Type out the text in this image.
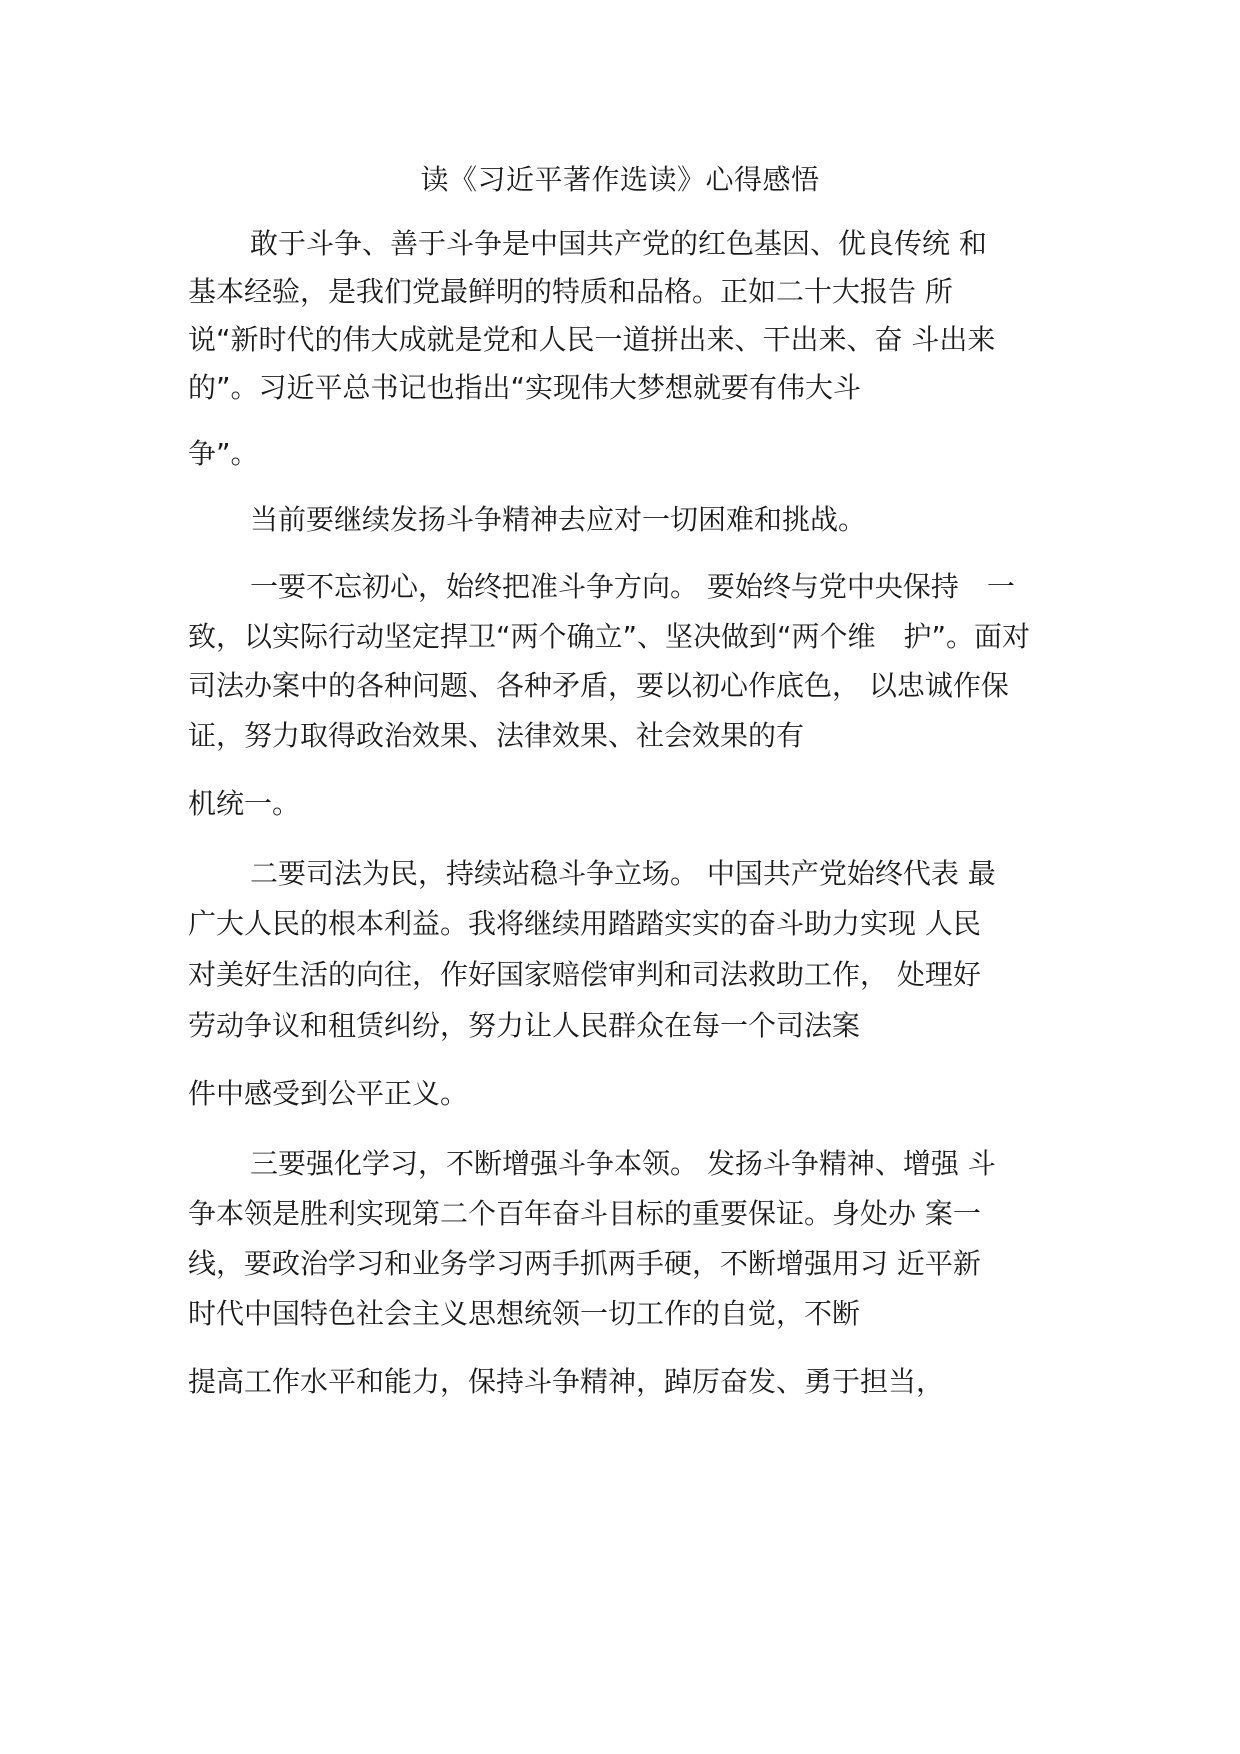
读《习近平著作选读》心得感悟
敢于斗争、善于斗争是中国共产党的红色基因、优良传统 和
基本经验，是我们党最鲜明的特质和品格。正如二十大报告 所
说“新时代的伟大成就是党和人民一道拼出来、干出来、奋 斗出来
的”。习近平总书记也指出“实现伟大梦想就要有伟大斗
争”。
当前要继续发扬斗争精神去应对一切困难和挑战。
一要不忘初心，始终把准斗争方向。 要始终与党中央保持　一
致，以实际行动坚定捍卫“两个确立”、坚决做到“两个维　护”。面对
司法办案中的各种问题、各种矛盾，要以初心作底色， 以忠诚作保
证，努力取得政治效果、法律效果、社会效果的有
机统一。
二要司法为民，持续站稳斗争立场。 中国共产党始终代表 最
广大人民的根本利益。我将继续用踏踏实实的奋斗助力实现 人民
对美好生活的向往，作好国家赔偿审判和司法救助工作， 处理好
劳动争议和租赁纠纷，努力让人民群众在每一个司法案
件中感受到公平正义。
三要强化学习，不断增强斗争本领。 发扬斗争精神、增强 斗
争本领是胜利实现第二个百年奋斗目标的重要保证。身处办 案一
线，要政治学习和业务学习两手抓两手硬，不断增强用习 近平新
时代中国特色社会主义思想统领一切工作的自觉，不断
提高工作水平和能力，保持斗争精神，踔厉奋发、勇于担当，
